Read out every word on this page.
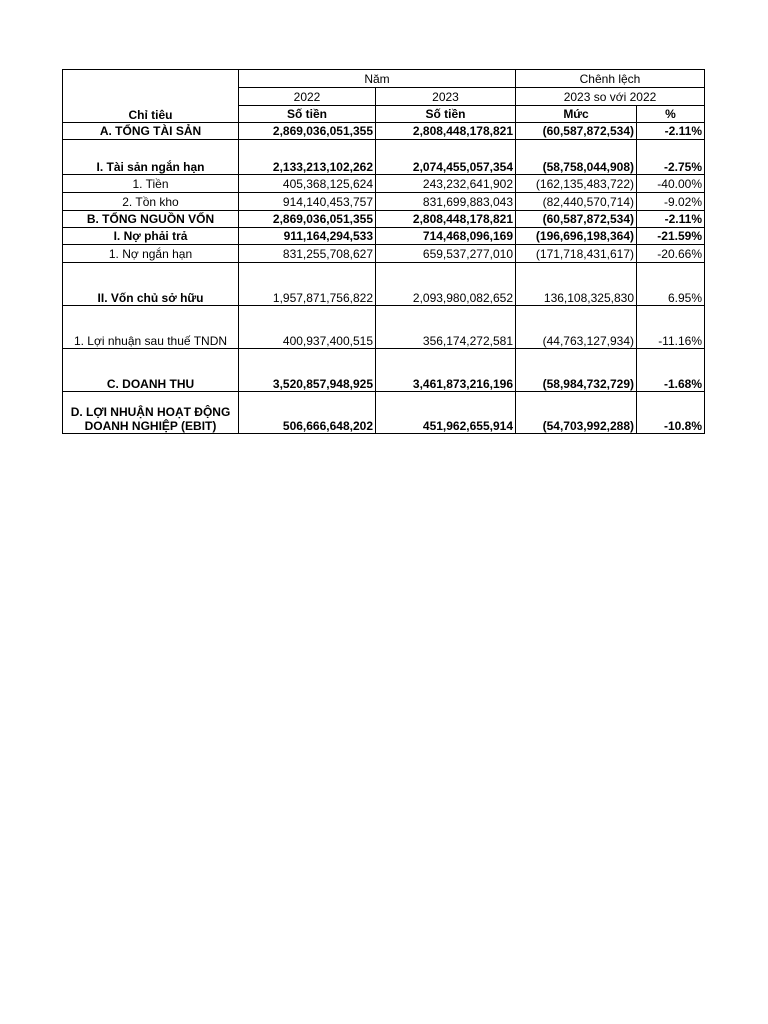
Chỉ tiêu	Năm		Chênh lệch	
	2022	2023	2023 so với 2022	
	Số tiền	Số tiền	Mức	%
A. TỔNG TÀI SẢN	2,869,036,051,355	2,808,448,178,821	(60,587,872,534)	-2.11%
I. Tài sản ngắn hạn	2,133,213,102,262	2,074,455,057,354	(58,758,044,908)	-2.75%
1. Tiền	405,368,125,624	243,232,641,902	(162,135,483,722)	-40.00%
2. Tồn kho	914,140,453,757	831,699,883,043	(82,440,570,714)	-9.02%
B. TỔNG NGUỒN VỐN	2,869,036,051,355	2,808,448,178,821	(60,587,872,534)	-2.11%
I. Nợ phải trả	911,164,294,533	714,468,096,169	(196,696,198,364)	-21.59%
1. Nợ ngắn hạn	831,255,708,627	659,537,277,010	(171,718,431,617)	-20.66%
II. Vốn chủ sở hữu	1,957,871,756,822	2,093,980,082,652	136,108,325,830	6.95%
1. Lợi nhuận sau thuế TNDN	400,937,400,515	356,174,272,581	(44,763,127,934)	-11.16%
C. DOANH THU	3,520,857,948,925	3,461,873,216,196	(58,984,732,729)	-1.68%
D. LỢI NHUẬN HOẠT ĐỘNG DOANH NGHIỆP (EBIT)	506,666,648,202	451,962,655,914	(54,703,992,288)	-10.8%
